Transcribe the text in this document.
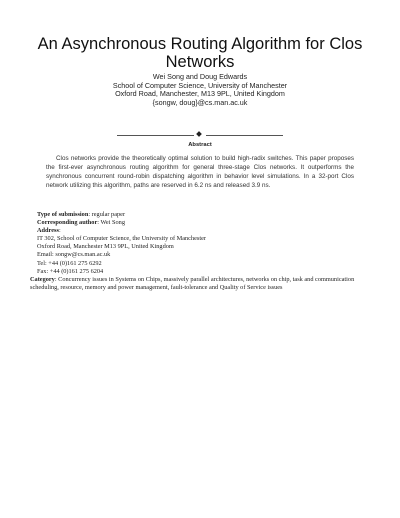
An Asynchronous Routing Algorithm for Clos Networks
Wei Song and Doug Edwards
School of Computer Science, University of Manchester
Oxford Road, Manchester, M13 9PL, United Kingdom
{songw, doug}@cs.man.ac.uk
Abstract

Clos networks provide the theoretically optimal solution to build high-radix switches. This paper proposes the first-ever asynchronous routing algorithm for general three-stage Clos networks. It outperforms the synchronous concurrent round-robin dispatching algorithm in behavior level simulations. In a 32-port Clos network utilizing this algorithm, paths are reserved in 6.2 ns and released 3.9 ns.

Type of submission: regular paper
Corresponding author: Wei Song
Address:
IT 302, School of Computer Science, the University of Manchester
Oxford Road, Manchester M13 9PL, United Kingdom
Email: songw@cs.man.ac.uk
Tel: +44 (0)161 275 6292
Fax: +44 (0)161 275 6204
Category: Concurrency issues in Systems on Chips, massively parallel architectures, networks on chip, task and communication scheduling, resource, memory and power management, fault-tolerance and Quality of Service issues
